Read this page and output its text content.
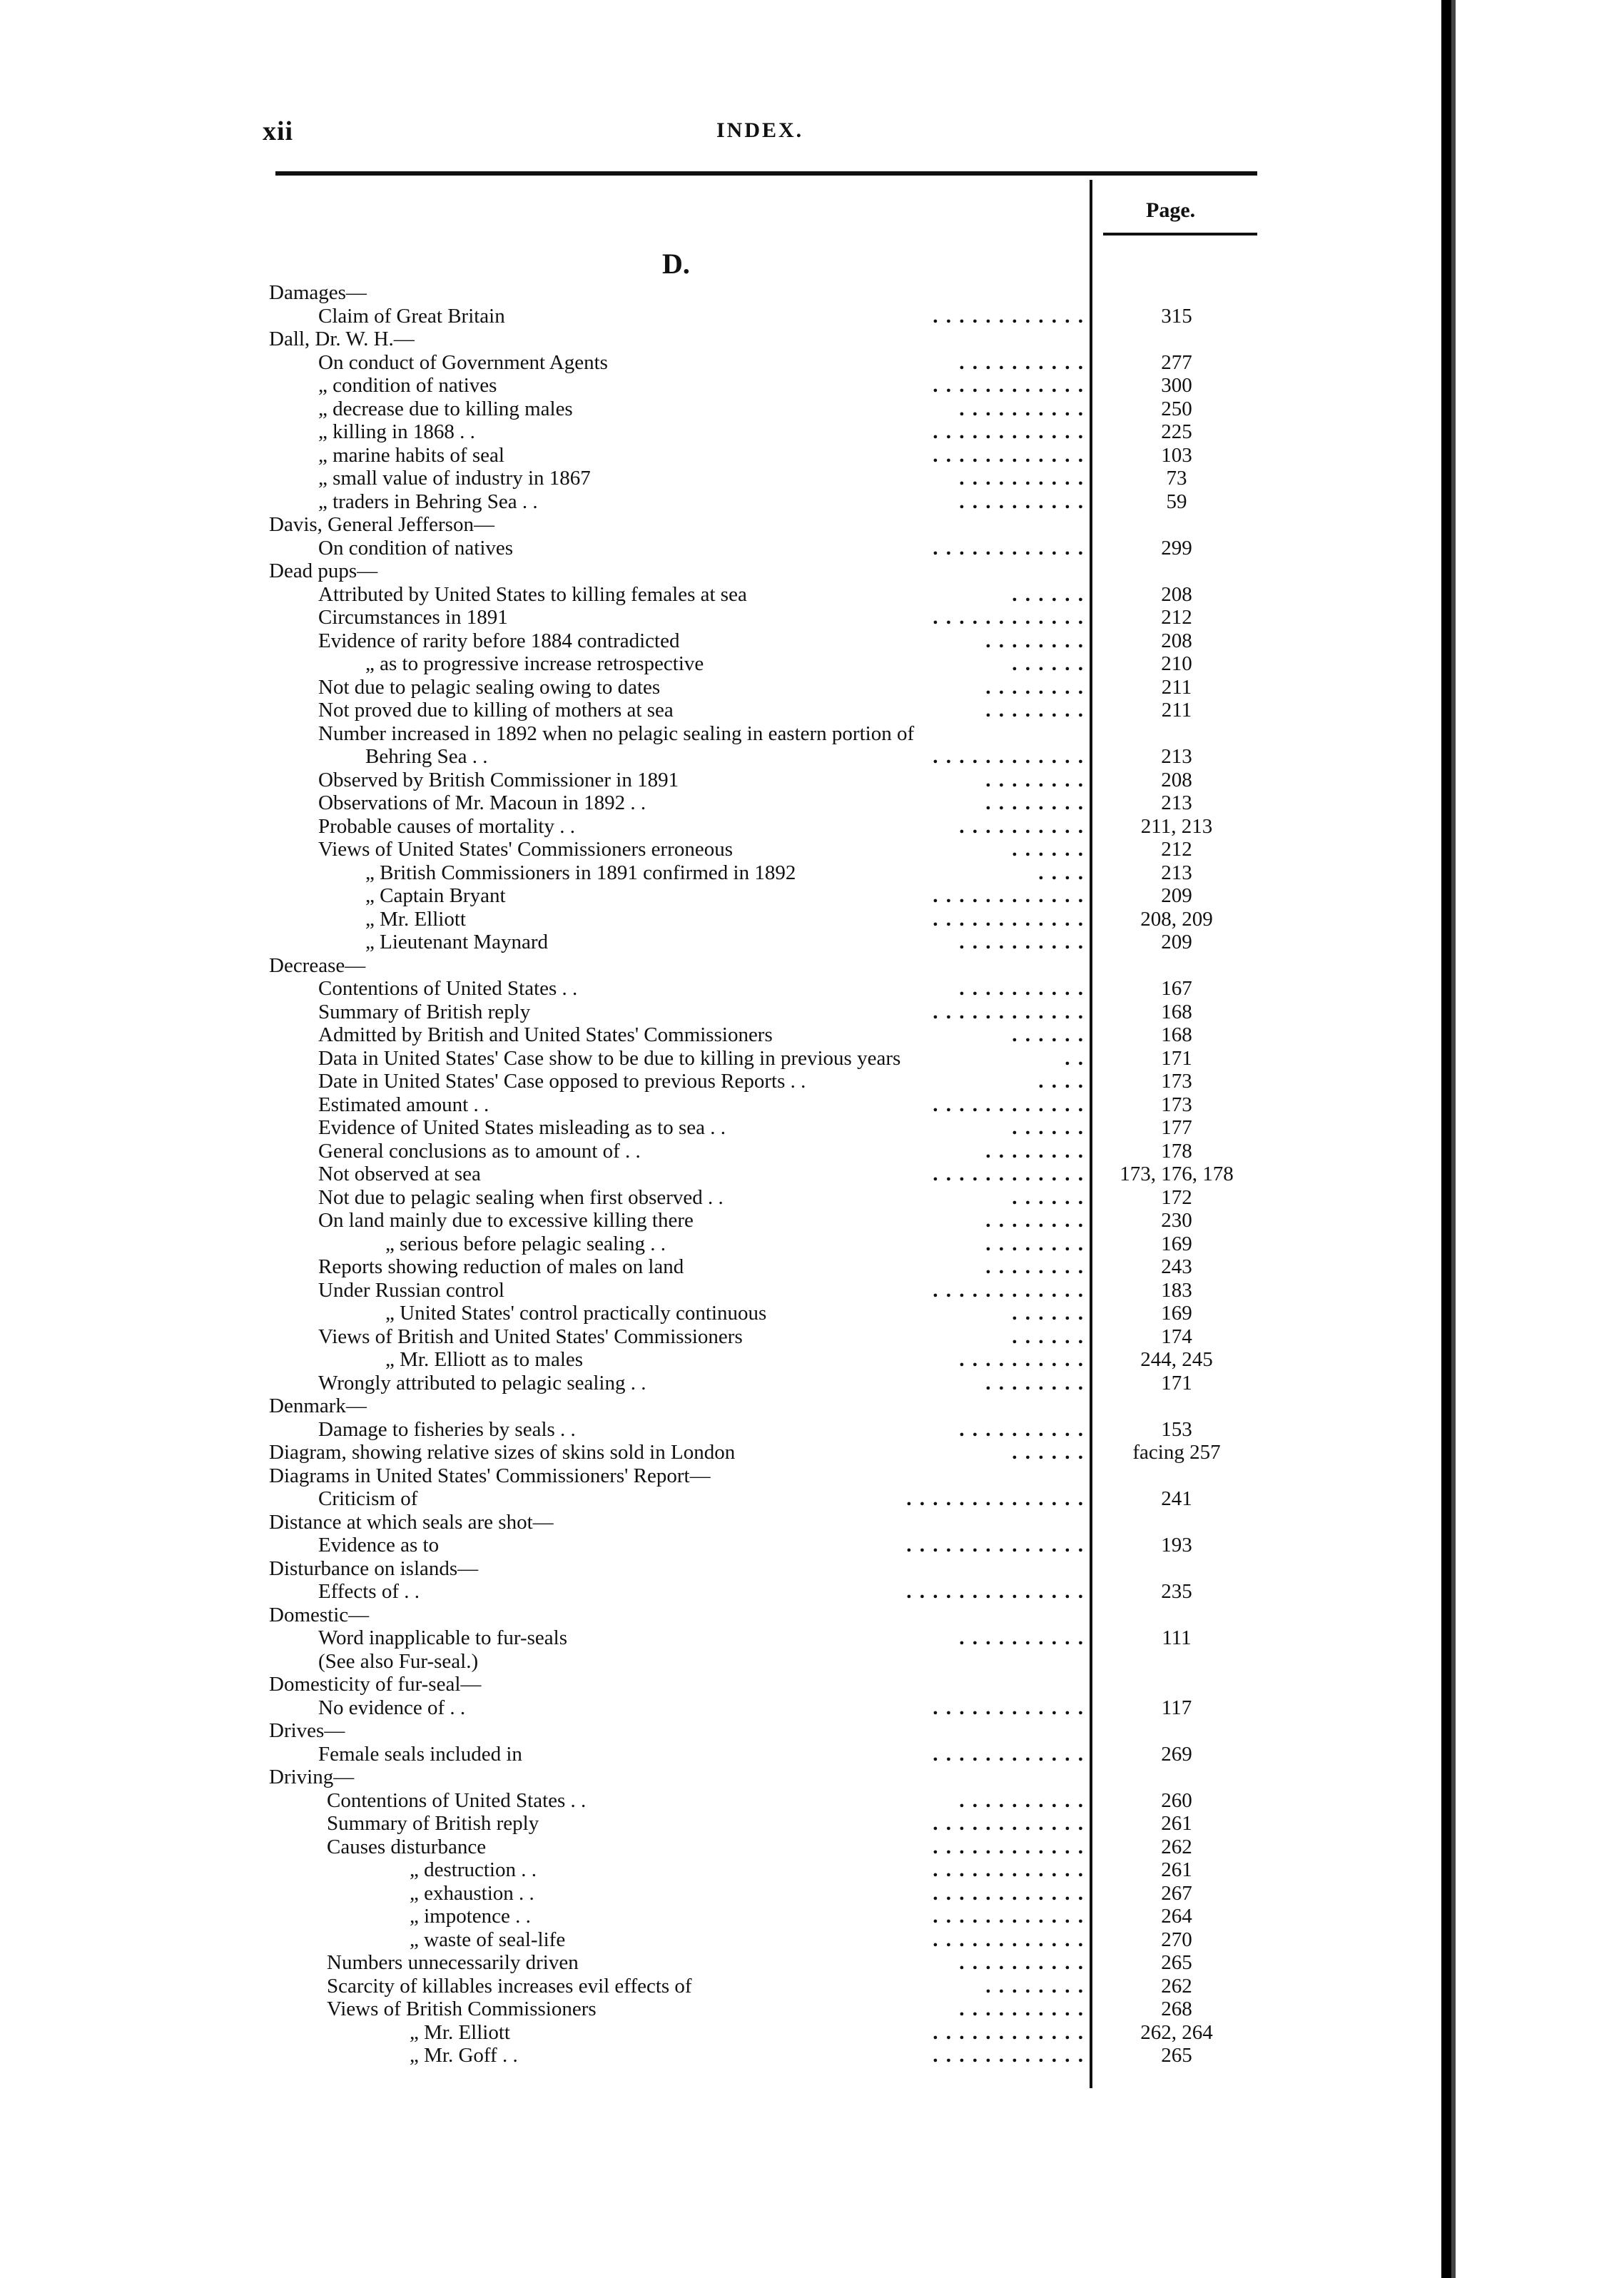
xii	INDEX.
Page.
D.
Damages—
Claim of Great Britain	. . . . . . . . . . . .	315
Dall, Dr. W. H.—
On conduct of Government Agents	. . . . . . . . . .	277
„ condition of natives	. . . . . . . . . . . .	300
„ decrease due to killing males	. . . . . . . . . .	250
„ killing in 1868 . .	. . . . . . . . . . . .	225
„ marine habits of seal	. . . . . . . . . . . .	103
„ small value of industry in 1867	. . . . . . . . . .	73
„ traders in Behring Sea . .	. . . . . . . . . .	59
Davis, General Jefferson—
On condition of natives	. . . . . . . . . . . .	299
Dead pups—
Attributed by United States to killing females at sea	. . . . . .	208
Circumstances in 1891	. . . . . . . . . . . .	212
Evidence of rarity before 1884 contradicted	. . . . . . . .	208
„ as to progressive increase retrospective	. . . . . .	210
Not due to pelagic sealing owing to dates	. . . . . . . .	211
Not proved due to killing of mothers at sea	. . . . . . . .	211
Number increased in 1892 when no pelagic sealing in eastern portion of
Behring Sea . .	. . . . . . . . . . . .	213
Observed by British Commissioner in 1891	. . . . . . . .	208
Observations of Mr. Macoun in 1892 . .	. . . . . . . .	213
Probable causes of mortality . .	. . . . . . . . . .	211, 213
Views of United States' Commissioners erroneous	. . . . . .	212
„ British Commissioners in 1891 confirmed in 1892	. . . .	213
„ Captain Bryant	. . . . . . . . . . . .	209
„ Mr. Elliott	. . . . . . . . . . . .	208, 209
„ Lieutenant Maynard	. . . . . . . . . .	209
Decrease—
Contentions of United States . .	. . . . . . . . . .	167
Summary of British reply	. . . . . . . . . . . .	168
Admitted by British and United States' Commissioners	. . . . . .	168
Data in United States' Case show to be due to killing in previous years	. .	171
Date in United States' Case opposed to previous Reports . .	. . . .	173
Estimated amount . .	. . . . . . . . . . . .	173
Evidence of United States misleading as to sea . .	. . . . . .	177
General conclusions as to amount of . .	. . . . . . . .	178
Not observed at sea	. . . . . . . . . . . .	173, 176, 178
Not due to pelagic sealing when first observed . .	. . . . . .	172
On land mainly due to excessive killing there	. . . . . . . .	230
„ serious before pelagic sealing . .	. . . . . . . .	169
Reports showing reduction of males on land	. . . . . . . .	243
Under Russian control	. . . . . . . . . . . .	183
„ United States' control practically continuous	. . . . . .	169
Views of British and United States' Commissioners	. . . . . .	174
„ Mr. Elliott as to males	. . . . . . . . . .	244, 245
Wrongly attributed to pelagic sealing . .	. . . . . . . .	171
Denmark—
Damage to fisheries by seals . .	. . . . . . . . . .	153
Diagram, showing relative sizes of skins sold in London	. . . . . .	facing 257
Diagrams in United States' Commissioners' Report—
Criticism of	. . . . . . . . . . . . . .	241
Distance at which seals are shot—
Evidence as to	. . . . . . . . . . . . . .	193
Disturbance on islands—
Effects of . .	. . . . . . . . . . . . . .	235
Domestic—
Word inapplicable to fur-seals	. . . . . . . . . .	111
(See also Fur-seal.)
Domesticity of fur-seal—
No evidence of . .	. . . . . . . . . . . .	117
Drives—
Female seals included in	. . . . . . . . . . . .	269
Driving—
Contentions of United States . .	. . . . . . . . . .	260
Summary of British reply	. . . . . . . . . . . .	261
Causes disturbance	. . . . . . . . . . . .	262
„ destruction . .	. . . . . . . . . . . .	261
„ exhaustion . .	. . . . . . . . . . . .	267
„ impotence . .	. . . . . . . . . . . .	264
„ waste of seal-life	. . . . . . . . . . . .	270
Numbers unnecessarily driven	. . . . . . . . . .	265
Scarcity of killables increases evil effects of	. . . . . . . .	262
Views of British Commissioners	. . . . . . . . . .	268
„ Mr. Elliott	. . . . . . . . . . . .	262, 264
„ Mr. Goff . .	. . . . . . . . . . . .	265
